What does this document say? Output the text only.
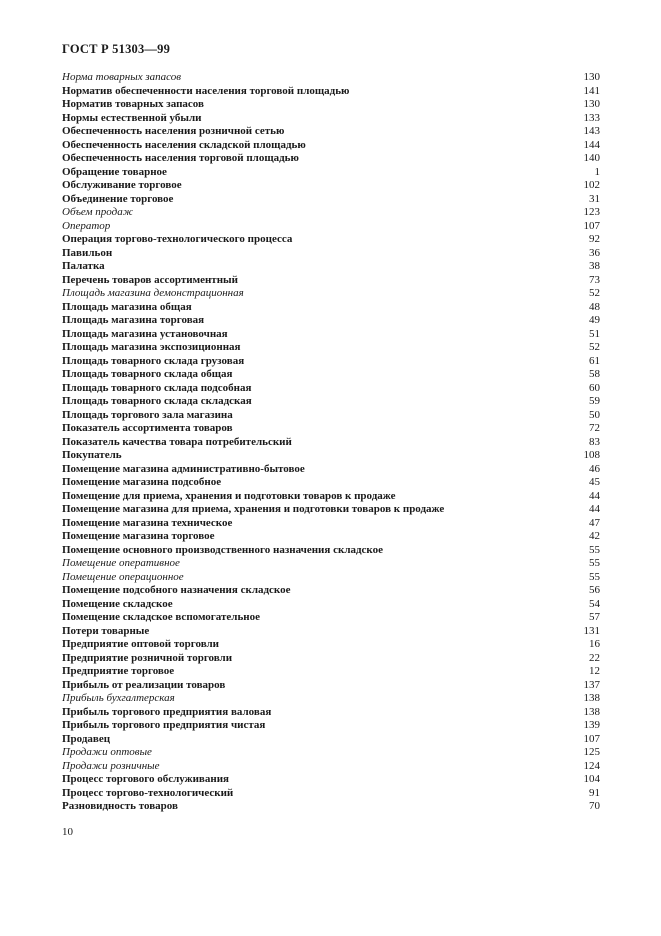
ГОСТ Р 51303—99
Норма товарных запасов	130
Норматив обеспеченности населения торговой площадью	141
Норматив товарных запасов	130
Нормы естественной убыли	133
Обеспеченность населения розничной сетью	143
Обеспеченность населения складской площадью	144
Обеспеченность населения торговой площадью	140
Обращение товарное	1
Обслуживание торговое	102
Объединение торговое	31
Объем продаж	123
Оператор	107
Операция торгово-технологического процесса	92
Павильон	36
Палатка	38
Перечень товаров ассортиментный	73
Площадь магазина демонстрационная	52
Площадь магазина общая	48
Площадь магазина торговая	49
Площадь магазина установочная	51
Площадь магазина экспозиционная	52
Площадь товарного склада грузовая	61
Площадь товарного склада общая	58
Площадь товарного склада подсобная	60
Площадь товарного склада складская	59
Площадь торгового зала магазина	50
Показатель ассортимента товаров	72
Показатель качества товара потребительский	83
Покупатель	108
Помещение магазина административно-бытовое	46
Помещение магазина подсобное	45
Помещение для приема, хранения и подготовки товаров к продаже	44
Помещение магазина для приема, хранения и подготовки товаров к продаже	44
Помещение магазина техническое	47
Помещение магазина торговое	42
Помещение основного производственного назначения складское	55
Помещение оперативное	55
Помещение операционное	55
Помещение подсобного назначения складское	56
Помещение складское	54
Помещение складское вспомогательное	57
Потери товарные	131
Предприятие оптовой торговли	16
Предприятие розничной торговли	22
Предприятие торговое	12
Прибыль от реализации товаров	137
Прибыль бухгалтерская	138
Прибыль торгового предприятия валовая	138
Прибыль торгового предприятия чистая	139
Продавец	107
Продажи оптовые	125
Продажи розничные	124
Процесс торгового обслуживания	104
Процесс торгово-технологический	91
Разновидность товаров	70
10
